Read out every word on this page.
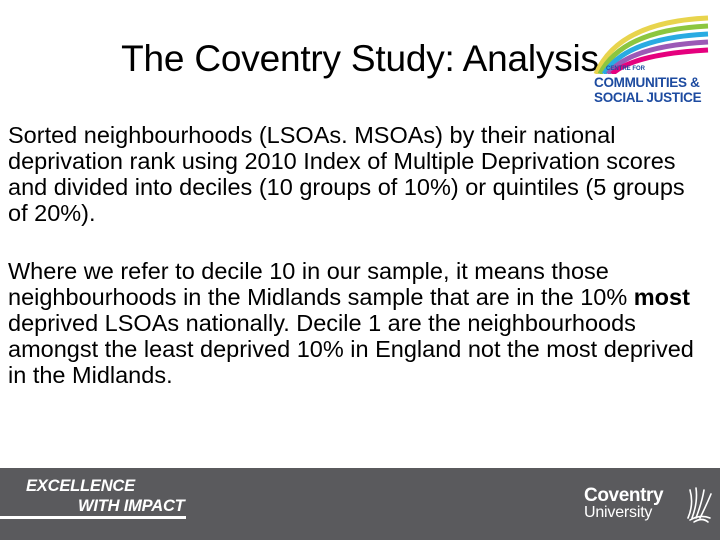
The Coventry Study: Analysis	CENTRE FOR
COMMUNITIES &
SOCIAL JUSTICE

Sorted neighbourhoods (LSOAs. MSOAs) by their national deprivation rank using 2010 Index of Multiple Deprivation scores and divided into deciles (10 groups of 10%) or quintiles (5 groups of 20%).

Where we refer to decile 10 in our sample, it means those neighbourhoods in the Midlands sample that are in the 10% most deprived LSOAs nationally. Decile 1 are the neighbourhoods amongst the least deprived 10% in England not the most deprived in the Midlands.

EXCELLENCE
WITH IMPACT	Coventry
University
